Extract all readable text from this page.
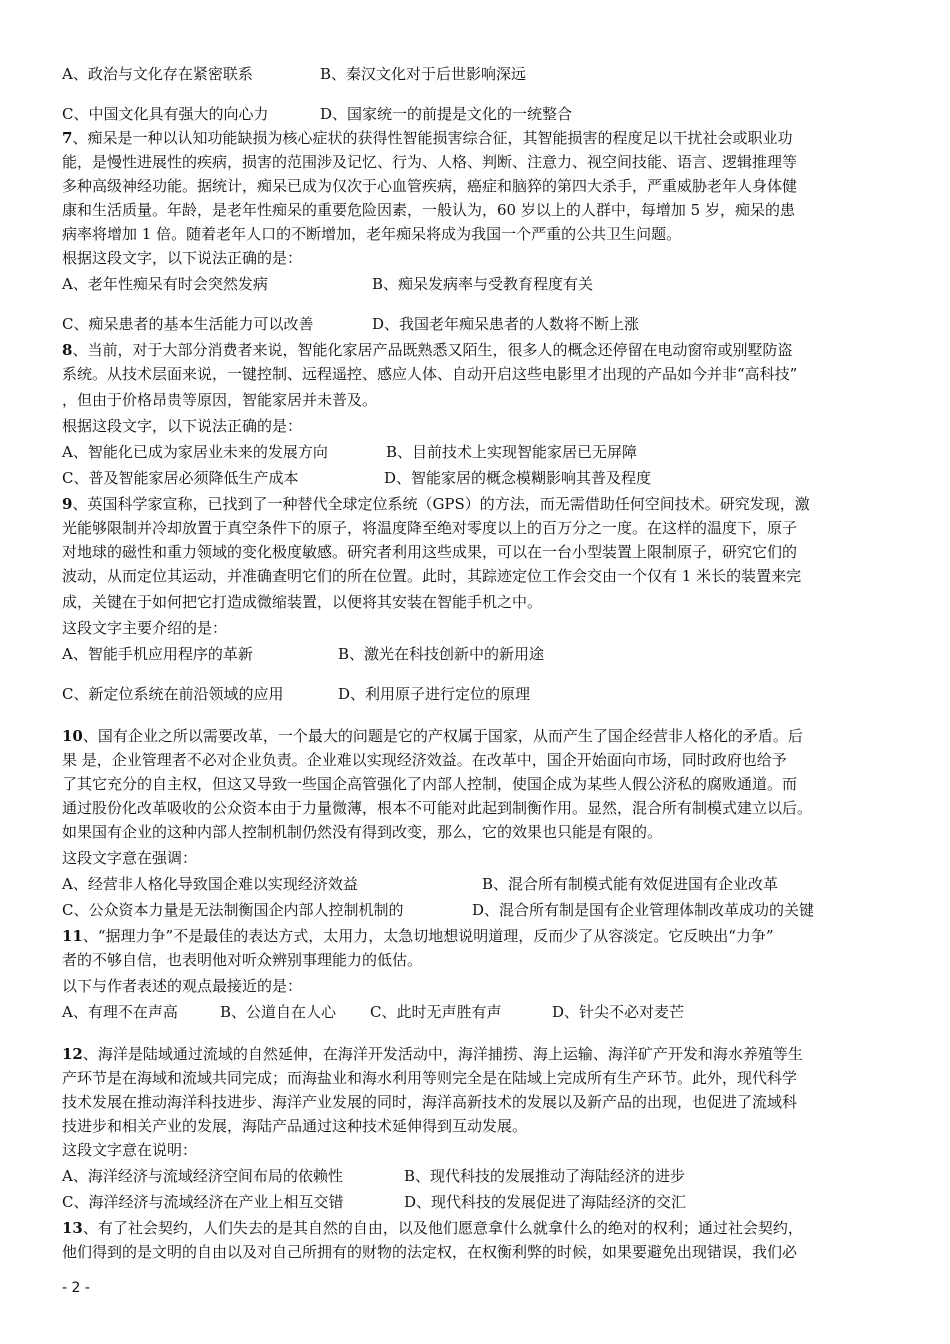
A、政治与文化存在紧密联系	B、秦汉文化对于后世影响深远
C、中国文化具有强大的向心力	D、国家统一的前提是文化的一统整合
7、痴呆是一种以认知功能缺损为核心症状的获得性智能损害综合征，其智能损害的程度足以干扰社会或职业功
能，是慢性进展性的疾病，损害的范围涉及记忆、行为、人格、判断、注意力、视空间技能、语言、逻辑推理等
多种高级神经功能。据统计，痴呆已成为仅次于心血管疾病，癌症和脑猝的第四大杀手，严重威胁老年人身体健
康和生活质量。年龄，是老年性痴呆的重要危险因素，一般认为，60 岁以上的人群中，每增加 5 岁，痴呆的患
病率将增加 1 倍。随着老年人口的不断增加，老年痴呆将成为我国一个严重的公共卫生问题。
根据这段文字，以下说法正确的是：
A、老年性痴呆有时会突然发病	B、痴呆发病率与受教育程度有关
C、痴呆患者的基本生活能力可以改善	D、我国老年痴呆患者的人数将不断上涨
8、当前，对于大部分消费者来说，智能化家居产品既熟悉又陌生，很多人的概念还停留在电动窗帘或别墅防盗
系统。从技术层面来说，一键控制、远程遥控、感应人体、自动开启这些电影里才出现的产品如今并非“高科技”
，但由于价格昂贵等原因，智能家居并未普及。
根据这段文字，以下说法正确的是：
A、智能化已成为家居业未来的发展方向	B、目前技术上实现智能家居已无屏障
C、普及智能家居必须降低生产成本	D、智能家居的概念模糊影响其普及程度
9、英国科学家宣称，已找到了一种替代全球定位系统（GPS）的方法，而无需借助任何空间技术。研究发现，激
光能够限制并冷却放置于真空条件下的原子，将温度降至绝对零度以上的百万分之一度。在这样的温度下，原子
对地球的磁性和重力领域的变化极度敏感。研究者利用这些成果，可以在一台小型装置上限制原子，研究它们的
波动，从而定位其运动，并准确查明它们的所在位置。此时，其踪迹定位工作会交由一个仅有 1 米长的装置来完
成，关键在于如何把它打造成微缩装置，以便将其安装在智能手机之中。
这段文字主要介绍的是：
A、智能手机应用程序的革新	B、激光在科技创新中的新用途
C、新定位系统在前沿领域的应用	D、利用原子进行定位的原理
10、国有企业之所以需要改革，一个最大的问题是它的产权属于国家，从而产生了国企经营非人格化的矛盾。后
果 是，企业管理者不必对企业负责。企业难以实现经济效益。在改革中，国企开始面向市场，同时政府也给予
了其它充分的自主权，但这又导致一些国企高管强化了内部人控制，使国企成为某些人假公济私的腐败通道。而
通过股份化改革吸收的公众资本由于力量微薄，根本不可能对此起到制衡作用。显然，混合所有制模式建立以后。
如果国有企业的这种内部人控制机制仍然没有得到改变，那么，它的效果也只能是有限的。
这段文字意在强调：
A、经营非人格化导致国企难以实现经济效益	B、混合所有制模式能有效促进国有企业改革
C、公众资本力量是无法制衡国企内部人控制机制的	D、混合所有制是国有企业管理体制改革成功的关键
11、“据理力争”不是最佳的表达方式，太用力，太急切地想说明道理，反而少了从容淡定。它反映出“力争”
者的不够自信，也表明他对听众辨别事理能力的低估。
以下与作者表述的观点最接近的是：
A、有理不在声高	B、公道自在人心 C、此时无声胜有声	D、针尖不必对麦芒
12、海洋是陆域通过流域的自然延伸，在海洋开发活动中，海洋捕捞、海上运输、海洋矿产开发和海水养殖等生
产环节是在海域和流域共同完成；而海盐业和海水利用等则完全是在陆域上完成所有生产环节。此外，现代科学
技术发展在推动海洋科技进步、海洋产业发展的同时，海洋高新技术的发展以及新产品的出现，也促进了流域科
技进步和相关产业的发展，海陆产品通过这种技术延伸得到互动发展。
这段文字意在说明：
A、海洋经济与流域经济空间布局的依赖性	B、现代科技的发展推动了海陆经济的进步
C、海洋经济与流域经济在产业上相互交错	D、现代科技的发展促进了海陆经济的交汇
13、有了社会契约，人们失去的是其自然的自由，以及他们愿意拿什么就拿什么的绝对的权利；通过社会契约，
他们得到的是文明的自由以及对自己所拥有的财物的法定权，在权衡利弊的时候，如果要避免出现错误，我们必
- 2 -
